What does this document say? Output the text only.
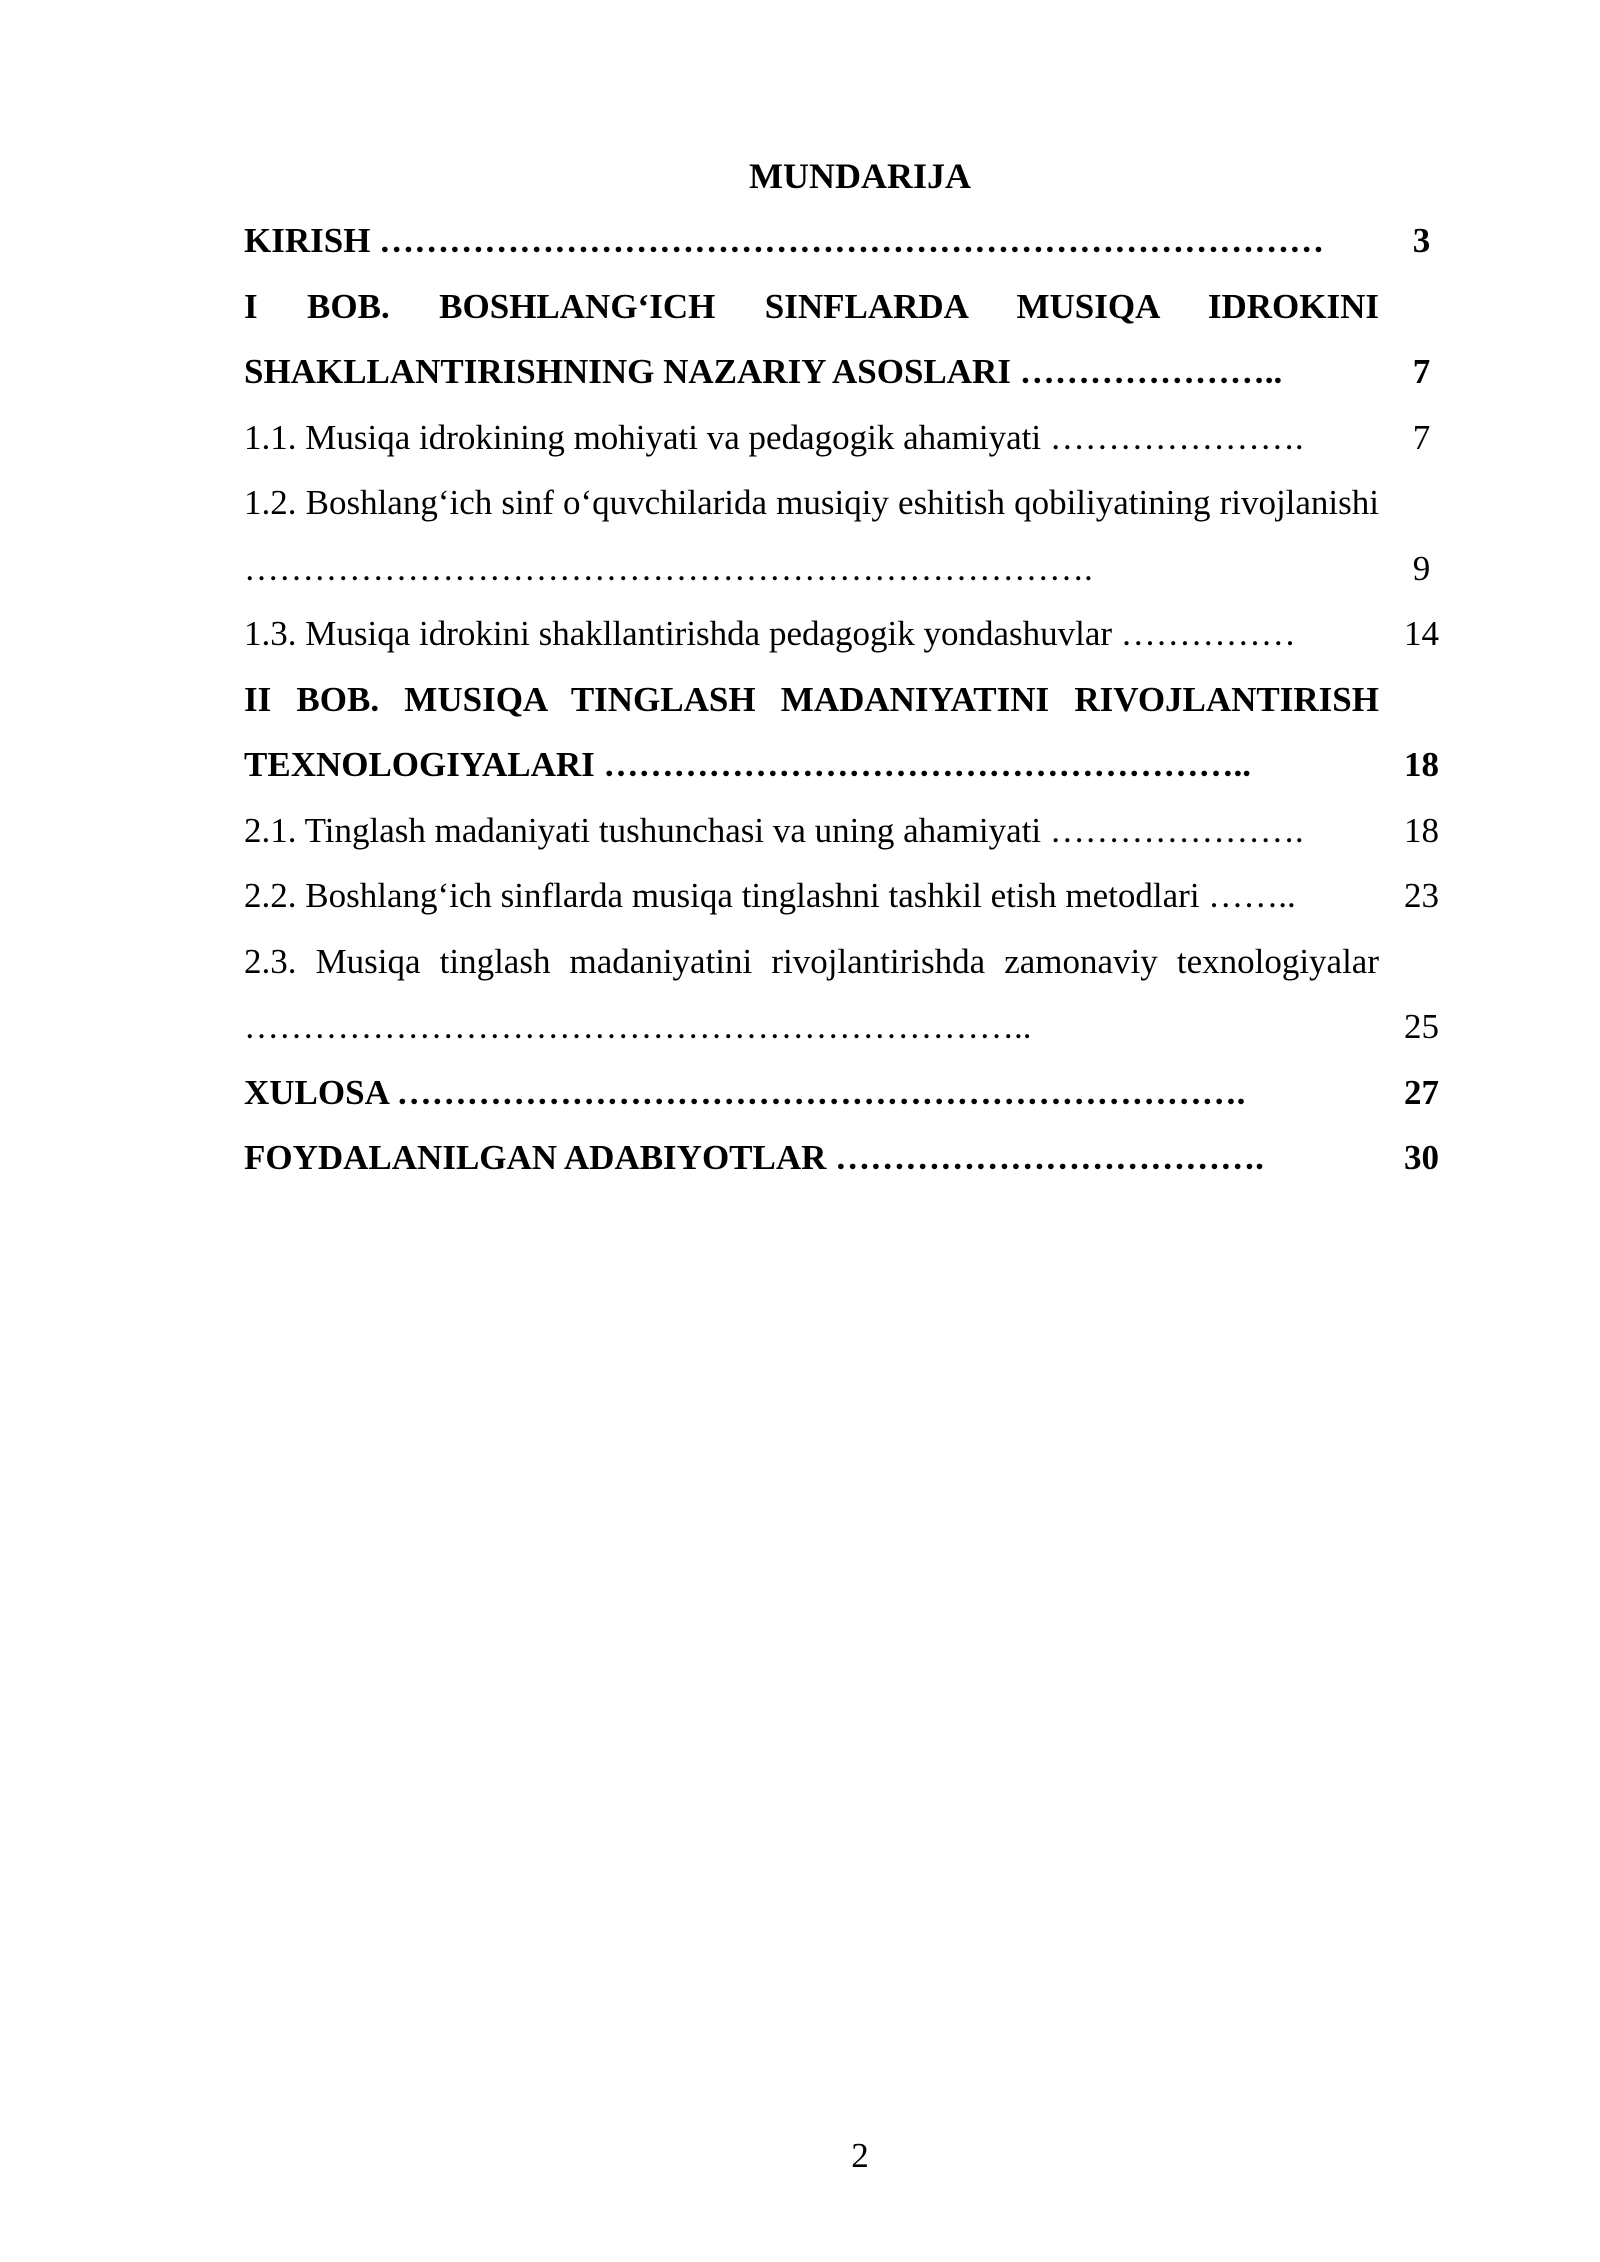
MUNDARIJA
KIRISH ………………………………………………………………………	3
I BOB. BOSHLANG‘ICH SINFLARDA MUSIQA IDROKINI SHAKLLANTIRISHNING NAZARIY ASOSLARI …………………..	7
1.1. Musiqa idrokining mohiyati va pedagogik ahamiyati ………………….	7
1.2. Boshlang‘ich sinf o‘quvchilarida musiqiy eshitish qobiliyatining rivojlanishi ……………………………………………………………….	9
1.3. Musiqa idrokini shakllantirishda pedagogik yondashuvlar ……………	14
II BOB. MUSIQA TINGLASH MADANIYATINI RIVOJLANTIRISH TEXNOLOGIYALARI ………………………………………………..	18
2.1. Tinglash madaniyati tushunchasi va uning ahamiyati ………………….	18
2.2. Boshlang‘ich sinflarda musiqa tinglashni tashkil etish metodlari ……..	23
2.3. Musiqa tinglash madaniyatini rivojlantirishda zamonaviy texnologiyalar …………………………………………………………..	25
XULOSA ……………………………………………………………….	27
FOYDALANILGAN ADABIYOTLAR ……………………………….	30
2
